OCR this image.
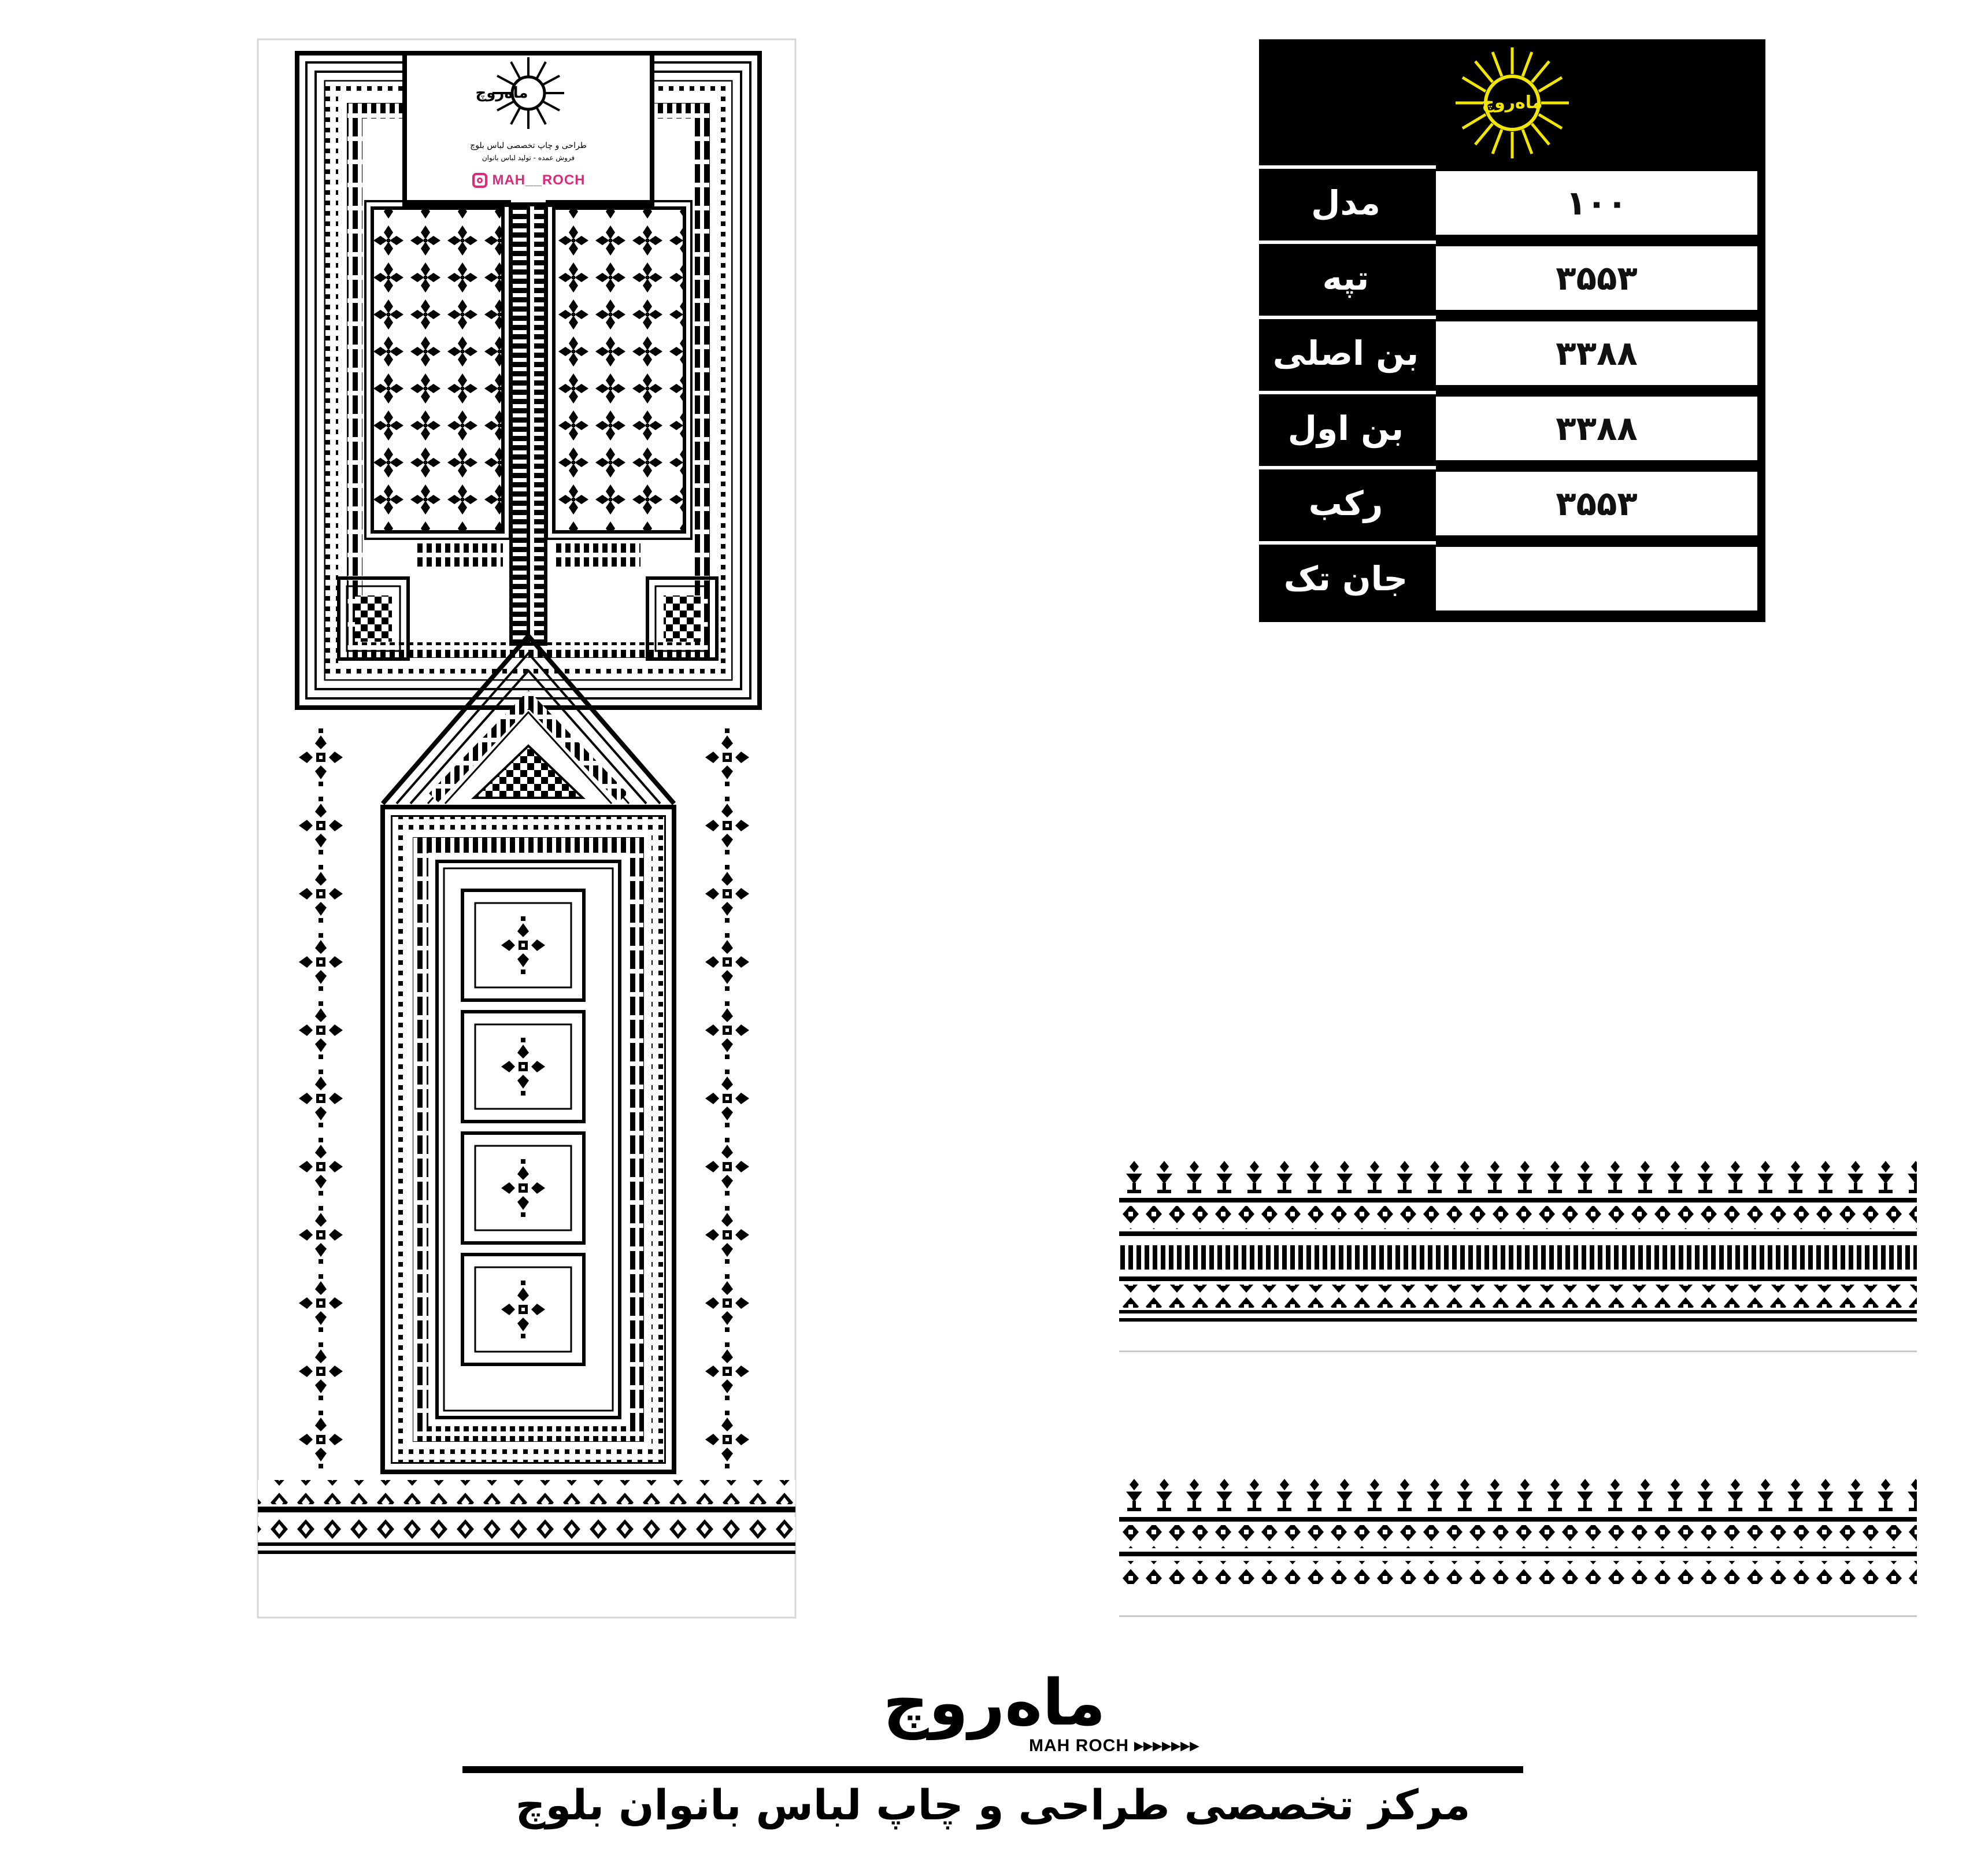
ماه‌روچ
طراحی و چاپ تخصصی لباس بلوچ
فروش عمده - تولید لباس بانوان
MAH__ROCH
ماه‌روچ
مدل	۱۰۰
تپه	۳۵۵۳
بن اصلی	۳۳۸۸
بن اول	۳۳۸۸
رکب	۳۵۵۳
جان تک
ماه‌روچ
MAH ROCH ▸▸▸▸▸▸▸
مرکز تخصصی طراحی و چاپ لباس بانوان بلوچ
